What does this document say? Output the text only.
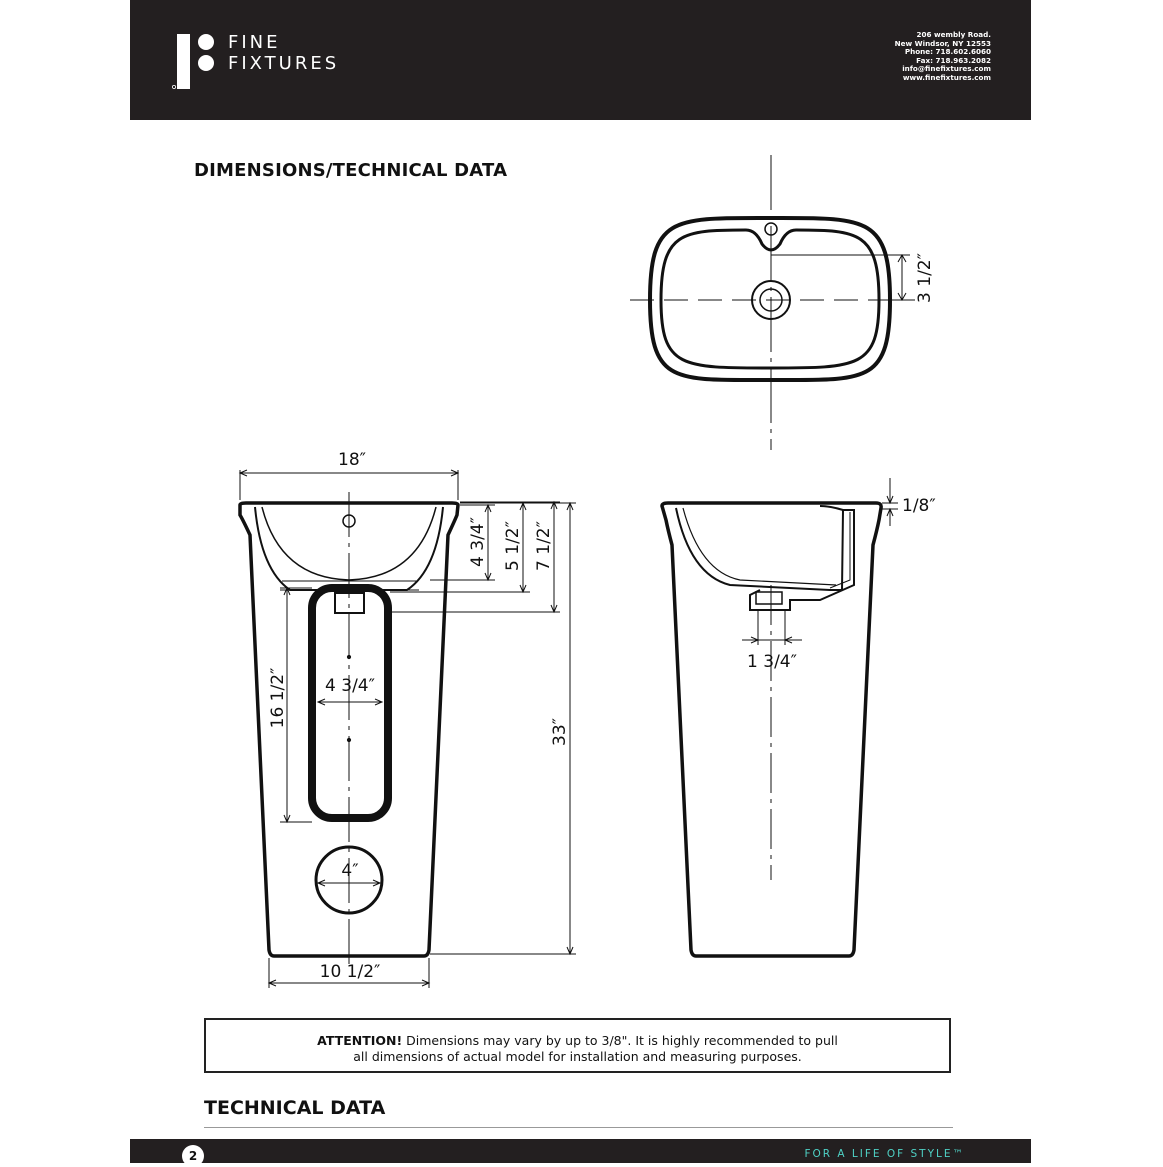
FINE
FIXTURES
206 wembly Road.
New Windsor, NY 12553
Phone: 718.602.6060
Fax: 718.963.2082
info@finefixtures.com
www.finefixtures.com
DIMENSIONS/TECHNICAL DATA
3 1/2″
18″
4 3/4″ 5 1/2″ 7 1/2″
33″
16 1/2″ 4 3/4″
4″
10 1/2″
1/8″
1 3/4″
ATTENTION! Dimensions may vary by up to 3/8". It is highly recommended to pull
all dimensions of actual model for installation and measuring purposes.
TECHNICAL DATA
2	FOR A LIFE OF STYLE™
